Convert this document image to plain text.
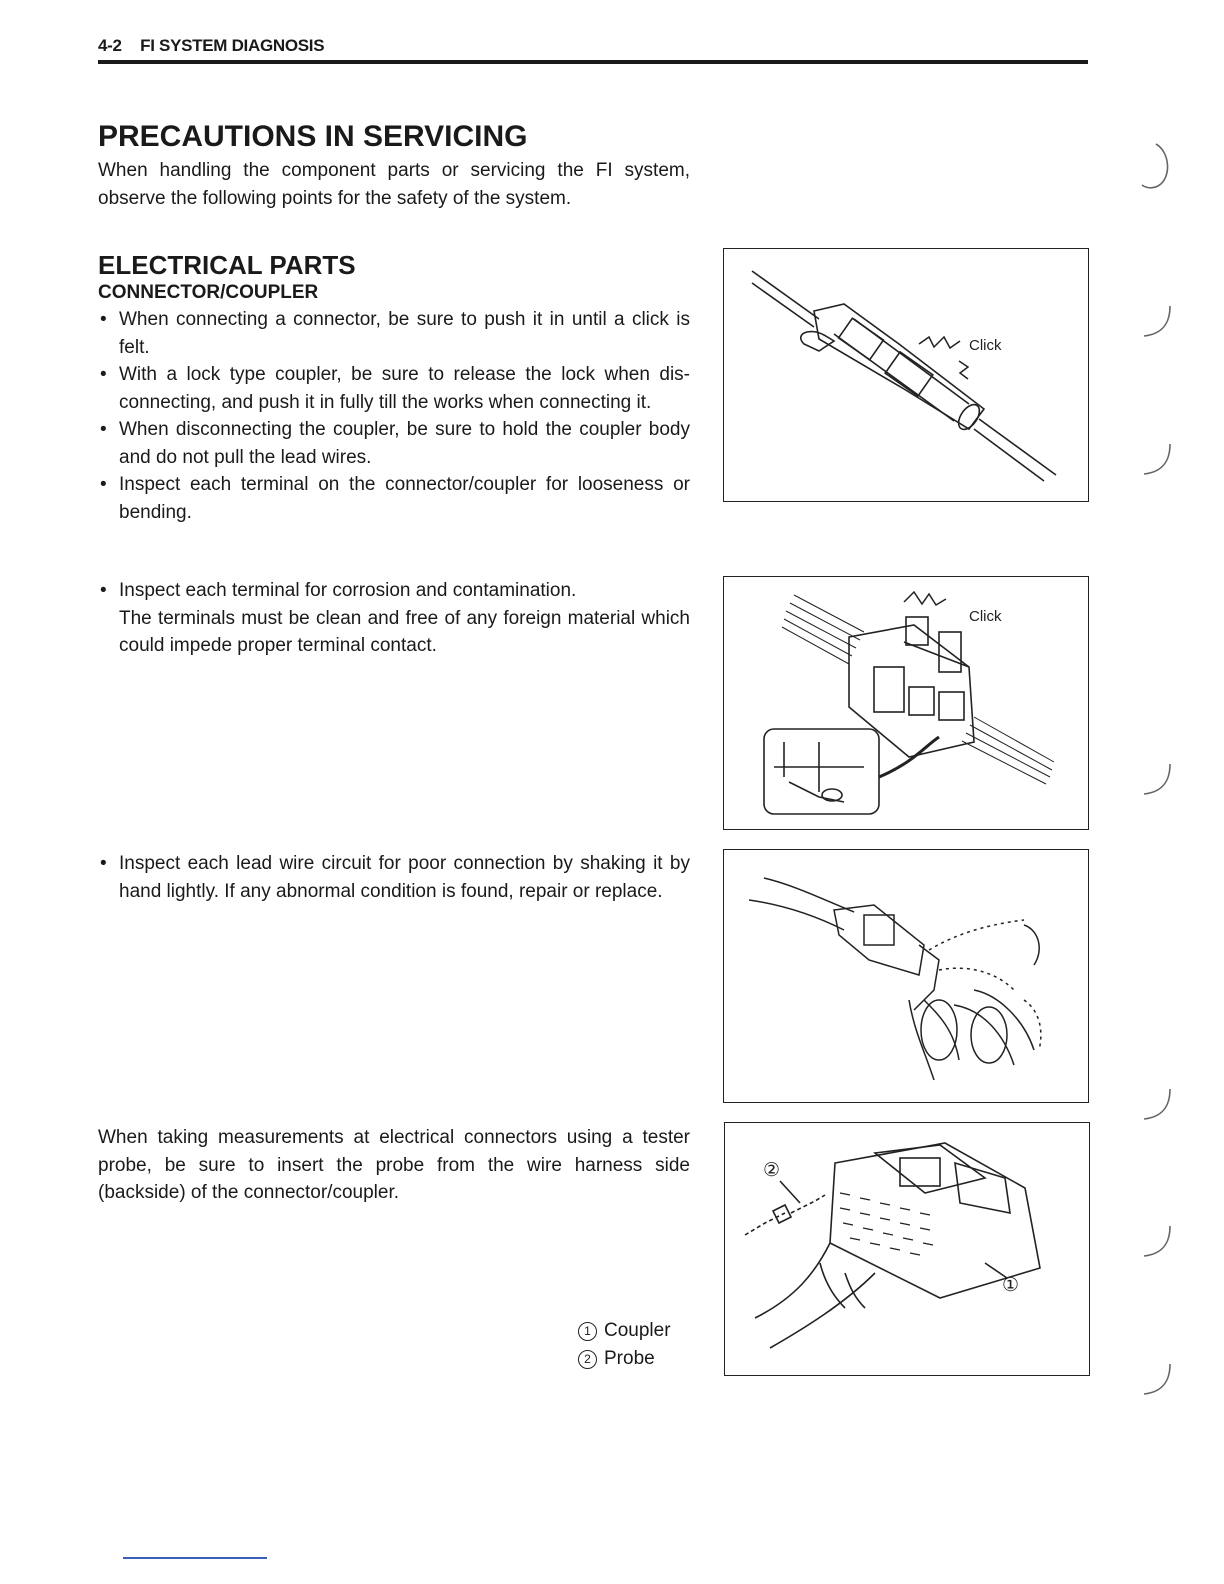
4-2 FI SYSTEM DIAGNOSIS
PRECAUTIONS IN SERVICING

When handling the component parts or servicing the FI system, observe the following points for the safety of the system.

ELECTRICAL PARTS
CONNECTOR/COUPLER
• When connecting a connector, be sure to push it in until a click is felt.
• With a lock type coupler, be sure to release the lock when dis-connecting, and push it in fully till the works when connecting it.
• When disconnecting the coupler, be sure to hold the coupler body and do not pull the lead wires.
• Inspect each terminal on the connector/coupler for looseness or bending.
• Inspect each terminal for corrosion and contamination.
The terminals must be clean and free of any foreign material which could impede proper terminal contact.
• Inspect each lead wire circuit for poor connection by shaking it by hand lightly. If any abnormal condition is found, repair or replace.

When taking measurements at electrical connectors using a tester probe, be sure to insert the probe from the wire harness side (backside) of the connector/coupler.

1 Coupler
2 Probe
Click
Click
②
①
